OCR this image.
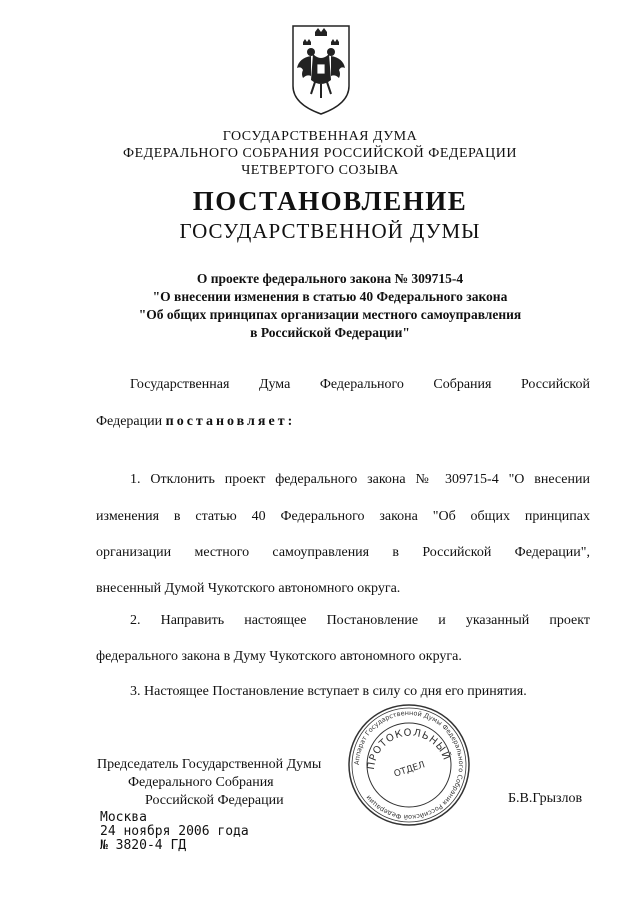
ГОСУДАРСТВЕННАЯ ДУМА
ФЕДЕРАЛЬНОГО СОБРАНИЯ РОССИЙСКОЙ ФЕДЕРАЦИИ
ЧЕТВЕРТОГО СОЗЫВА
ПОСТАНОВЛЕНИЕ
ГОСУДАРСТВЕННОЙ ДУМЫ
О проекте федерального закона № 309715-4
"О внесении изменения в статью 40 Федерального закона
"Об общих принципах организации местного самоуправления
в Российской Федерации"
Государственная Дума Федерального Собрания Российской
Федерации постановляет:
1. Отклонить проект федерального закона № 309715-4 "О внесении
изменения в статью 40 Федерального закона "Об общих принципах
организации местного самоуправления в Российской Федерации",
внесенный Думой Чукотского автономного округа.
2. Направить настоящее Постановление и указанный проект
федерального закона в Думу Чукотского автономного округа.
3. Настоящее Постановление вступает в силу со дня его принятия.
Председатель Государственной Думы
Федерального Собрания
Российской Федерации
Аппарат Государственной Думы Федерального Собрания Российской Федерации
ПРОТОКОЛЬНЫЙ
ОТДЕЛ
Б.В.Грызлов
Москва
24 ноября 2006 года
№ 3820-4 ГД
